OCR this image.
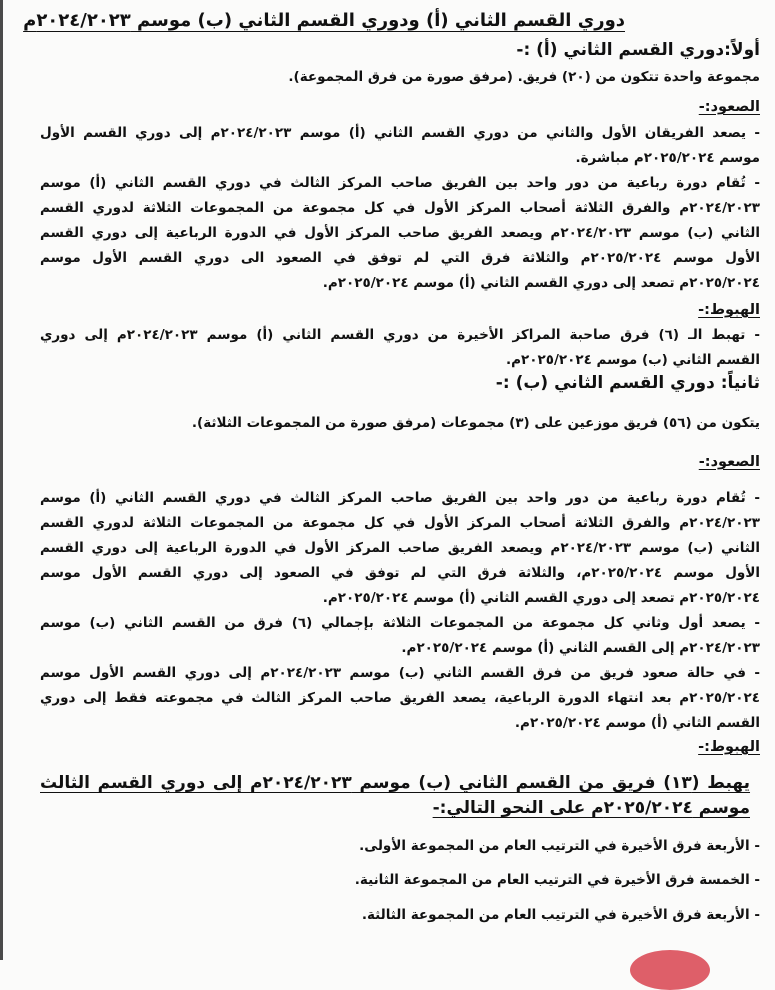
دوري القسم الثاني (أ) ودوري القسم الثاني (ب) موسم ٢٠٢٤/٢٠٢٣م
أولاً:دوري القسم الثاني (أ) :-
مجموعة واحدة تتكون من (٢٠) فريق. (مرفق صورة من فرق المجموعة).
الصعود:-
- يصعد الفريقان الأول والثاني من دوري القسم الثاني (أ) موسم ٢٠٢٤/٢٠٢٣م إلى دوري القسم الأول
موسم ٢٠٢٥/٢٠٢٤م مباشرة.
- تُقام دورة رباعية من دور واحد بين الفريق صاحب المركز الثالث في دوري القسم الثاني (أ) موسم
٢٠٢٤/٢٠٢٣م والفرق الثلاثة أصحاب المركز الأول في كل مجموعة من المجموعات الثلاثة لدوري القسم
الثاني (ب) موسم ٢٠٢٤/٢٠٢٣م ويصعد الفريق صاحب المركز الأول في الدورة الرباعية إلى دوري القسم
الأول موسم ٢٠٢٥/٢٠٢٤م والثلاثة فرق التي لم توفق في الصعود الى دوري القسم الأول موسم
٢٠٢٥/٢٠٢٤م تصعد إلى دوري القسم الثاني (أ) موسم ٢٠٢٥/٢٠٢٤م.
الهبوط:-
- تهبط الـ (٦) فرق صاحبة المراكز الأخيرة من دوري القسم الثاني (أ) موسم ٢٠٢٤/٢٠٢٣م إلى دوري
القسم الثاني (ب) موسم ٢٠٢٥/٢٠٢٤م.
ثانياً: دوري القسم الثاني (ب) :-
يتكون من (٥٦) فريق موزعين على (٣) مجموعات (مرفق صورة من المجموعات الثلاثة).
الصعود:-
- تُقام دورة رباعية من دور واحد بين الفريق صاحب المركز الثالث في دوري القسم الثاني (أ) موسم
٢٠٢٤/٢٠٢٣م والفرق الثلاثة أصحاب المركز الأول في كل مجموعة من المجموعات الثلاثة لدوري القسم
الثاني (ب) موسم ٢٠٢٤/٢٠٢٣م ويصعد الفريق صاحب المركز الأول في الدورة الرباعية إلى دوري القسم
الأول موسم ٢٠٢٥/٢٠٢٤م، والثلاثة فرق التي لم توفق في الصعود إلى دوري القسم الأول موسم
٢٠٢٥/٢٠٢٤م تصعد إلى دوري القسم الثاني (أ) موسم ٢٠٢٥/٢٠٢٤م.
- يصعد أول وثاني كل مجموعة من المجموعات الثلاثة بإجمالي (٦) فرق من القسم الثاني (ب) موسم
٢٠٢٤/٢٠٢٣م إلى القسم الثاني (أ) موسم ٢٠٢٥/٢٠٢٤م.
- في حالة صعود فريق من فرق القسم الثاني (ب) موسم ٢٠٢٤/٢٠٢٣م إلى دوري القسم الأول موسم
٢٠٢٥/٢٠٢٤م بعد انتهاء الدورة الرباعية، يصعد الفريق صاحب المركز الثالث في مجموعته فقط إلى دوري
القسم الثاني (أ) موسم ٢٠٢٥/٢٠٢٤م.
الهبوط:-
يهبط (١٣) فريق من القسم الثاني (ب) موسم ٢٠٢٤/٢٠٢٣م إلى دوري القسم الثالث
موسم ٢٠٢٥/٢٠٢٤م على النحو التالي:-
- الأربعة فرق الأخيرة في الترتيب العام من المجموعة الأولى.
- الخمسة فرق الأخيرة في الترتيب العام من المجموعة الثانية.
- الأربعة فرق الأخيرة في الترتيب العام من المجموعة الثالثة.
